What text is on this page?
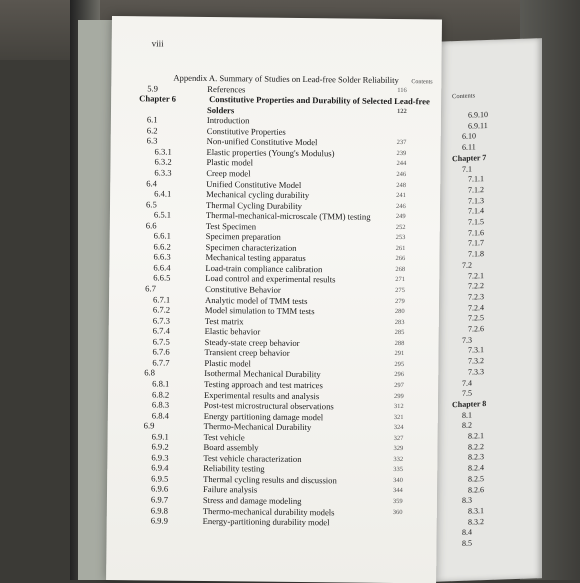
Contents
6.9.10
6.9.11
6.10
6.11
Chapter 7
7.1
7.1.1
7.1.2
7.1.3
7.1.4
7.1.5
7.1.6
7.1.7
7.1.8
7.2
7.2.1
7.2.2
7.2.3
7.2.4
7.2.5
7.2.6
7.3
7.3.1
7.3.2
7.3.3
7.4
7.5
Chapter 8
8.1
8.2
8.2.1
8.2.2
8.2.3
8.2.4
8.2.5
8.2.6
8.3
8.3.1
8.3.2
8.4
8.5
viii
Contents
Appendix A. Summary of Studies on Lead-free Solder Reliability
5.9	References	116
Chapter 6	Constitutive Properties and Durability of Selected Lead-free
Solders	122
6.1	Introduction
6.2	Constitutive Properties
6.3	Non-unified Constitutive Model	237
6.3.1	Elastic properties (Young's Modulus)	239
6.3.2	Plastic model	244
6.3.3	Creep model	246
6.4	Unified Constitutive Model	248
6.4.1	Mechanical cycling durability	241
6.5	Thermal Cycling Durability	246
6.5.1	Thermal-mechanical-microscale (TMM) testing	249
6.6	Test Specimen	252
6.6.1	Specimen preparation	253
6.6.2	Specimen characterization	261
6.6.3	Mechanical testing apparatus	266
6.6.4	Load-train compliance calibration	268
6.6.5	Load control and experimental results	271
6.7	Constitutive Behavior	275
6.7.1	Analytic model of TMM tests	279
6.7.2	Model simulation to TMM tests	280
6.7.3	Test matrix	283
6.7.4	Elastic behavior	285
6.7.5	Steady-state creep behavior	288
6.7.6	Transient creep behavior	291
6.7.7	Plastic model	295
6.8	Isothermal Mechanical Durability	296
6.8.1	Testing approach and test matrices	297
6.8.2	Experimental results and analysis	299
6.8.3	Post-test microstructural observations	312
6.8.4	Energy partitioning damage model	321
6.9	Thermo-Mechanical Durability	324
6.9.1	Test vehicle	327
6.9.2	Board assembly	329
6.9.3	Test vehicle characterization	332
6.9.4	Reliability testing	335
6.9.5	Thermal cycling results and discussion	340
6.9.6	Failure analysis	344
6.9.7	Stress and damage modeling	359
6.9.8	Thermo-mechanical durability models	360
6.9.9	Energy-partitioning durability model
